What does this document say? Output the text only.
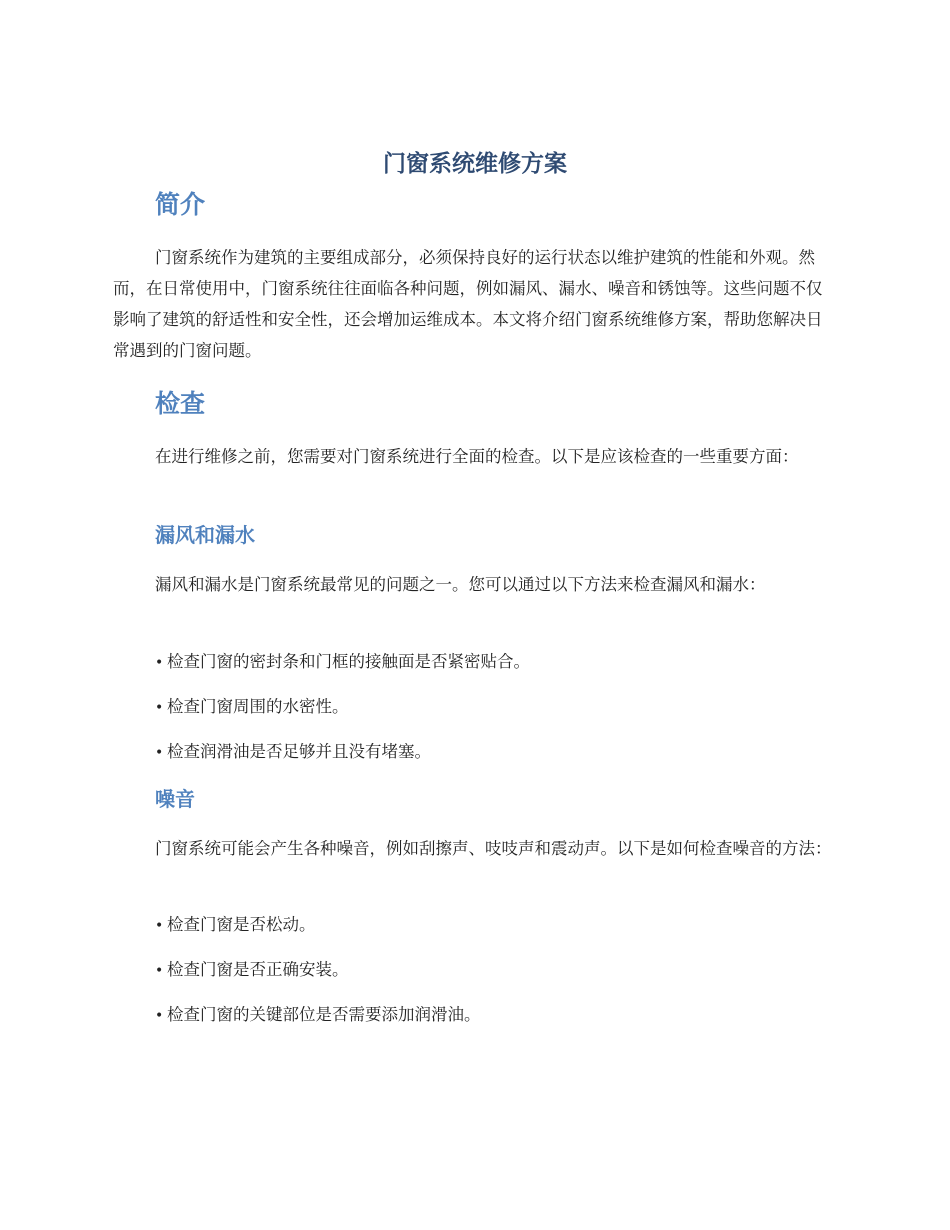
门窗系统维修方案
简介

门窗系统作为建筑的主要组成部分，必须保持良好的运行状态以维护建筑的性能和外观。然而，在日常使用中，门窗系统往往面临各种问题，例如漏风、漏水、噪音和锈蚀等。这些问题不仅影响了建筑的舒适性和安全性，还会增加运维成本。本文将介绍门窗系统维修方案，帮助您解决日常遇到的门窗问题。

检查

在进行维修之前，您需要对门窗系统进行全面的检查。以下是应该检查的一些重要方面：

漏风和漏水

漏风和漏水是门窗系统最常见的问题之一。您可以通过以下方法来检查漏风和漏水：

• 检查门窗的密封条和门框的接触面是否紧密贴合。

• 检查门窗周围的水密性。

• 检查润滑油是否足够并且没有堵塞。

噪音

门窗系统可能会产生各种噪音，例如刮擦声、吱吱声和震动声。以下是如何检查噪音的方法：

• 检查门窗是否松动。

• 检查门窗是否正确安装。

• 检查门窗的关键部位是否需要添加润滑油。
